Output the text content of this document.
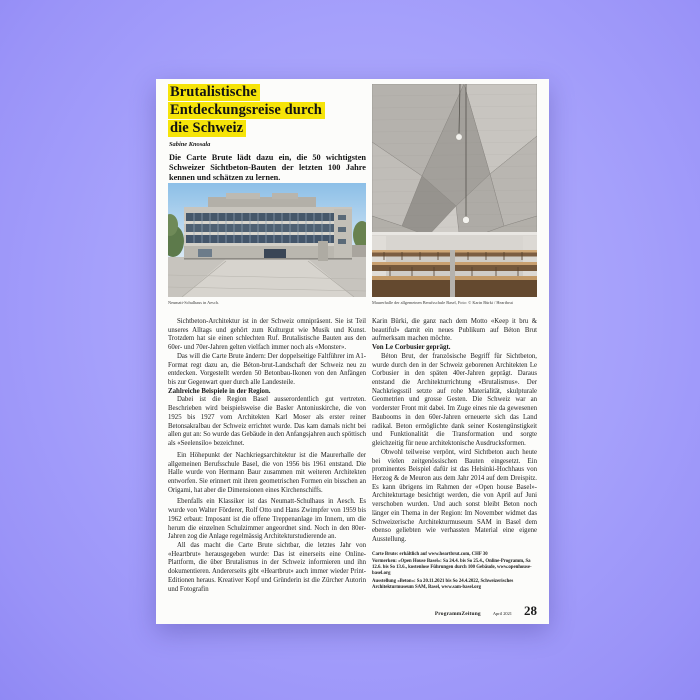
Brutalistische
Entdeckungsreise durch
die Schweiz
Sabine Knosala
Die Carte Brute lädt dazu ein, die 50 wichtigsten Schweizer Sichtbeton-Bauten der letzten 100 Jahre kennen und schätzen zu lernen.
Neumatt-Schulhaus in Aesch.	Maurerhalle der allgemeinen Berufsschule Basel, Foto: © Karin Bürki / Heartbrut

Sichtbeton-Architektur ist in der Schweiz omnipräsent. Sie ist Teil unseres Alltags und gehört zum Kulturgut wie Musik und Kunst. Trotzdem hat sie einen schlechten Ruf. Brutalistische Bauten aus den 60er- und 70er-Jahren gelten vielfach immer noch als «Monster».

Das will die Carte Brute ändern: Der doppelseitige Faltführer im A1-Format regt dazu an, die Béton-brut-Landschaft der Schweiz neu zu entdecken. Vorgestellt werden 50 Betonbau-Ikonen von den Anfängen bis zur Gegenwart quer durch alle Landesteile.

Zahlreiche Beispiele in der Region.

Dabei ist die Region Basel ausserordentlich gut vertreten. Beschrieben wird beispielsweise die Basler Antoniuskirche, die von 1925 bis 1927 vom Architekten Karl Moser als erster reiner Betonsakralbau der Schweiz errichtet wurde. Das kam damals nicht bei allen gut an: So wurde das Gebäude in den Anfangsjahren auch spöttisch als «Seelensilo» bezeichnet.

Ein Höhepunkt der Nachkriegsarchitektur ist die Maurerhalle der allgemeinen Berufsschule Basel, die von 1956 bis 1961 entstand. Die Halle wurde von Hermann Baur zusammen mit weiteren Architekten entworfen. Sie erinnert mit ihren geometrischen Formen ein bisschen an Origami, hat aber die Dimensionen eines Kirchenschiffs.

Ebenfalls ein Klassiker ist das Neumatt-Schulhaus in Aesch. Es wurde von Walter Förderer, Rolf Otto und Hans Zwimpfer von 1959 bis 1962 erbaut: Imposant ist die offene Treppenanlage im Innern, um die herum die einzelnen Schulzimmer angeordnet sind. Noch in den 80er-Jahren zog die Anlage regelmässig Architekturstudierende an.

All das macht die Carte Brute sichtbar, die letztes Jahr von «Heartbrut» herausgegeben wurde: Das ist einerseits eine Online-Plattform, die über Brutalismus in der Schweiz informieren und ihn dokumentieren. Andererseits gibt «Heartbrut» auch immer wieder Print-Editionen heraus. Kreativer Kopf und Gründerin ist die Zürcher Autorin und Fotografin

Karin Bürki, die ganz nach dem Motto «Keep it bru & beautiful» damit ein neues Publikum auf Béton Brut aufmerksam machen möchte.

Von Le Corbusier geprägt.

Béton Brut, der französische Begriff für Sichtbeton, wurde durch den in der Schweiz geborenen Architekten Le Corbusier in den späten 40er-Jahren geprägt. Daraus entstand die Architekturrichtung «Brutalismus». Der Nachkriegsstil setzte auf rohe Materialität, skulpturale Geometrien und grosse Gesten. Die Schweiz war an vorderster Front mit dabei. Im Zuge eines nie da gewesenen Baubooms in den 60er-Jahren erneuerte sich das Land radikal. Beton ermöglichte dank seiner Kostengünstigkeit und Funktionalität die Transformation und sorgte gleichzeitig für neue architektonische Ausdrucksformen.

Obwohl teilweise verpönt, wird Sichtbeton auch heute bei vielen zeitgenössischen Bauten eingesetzt. Ein prominentes Beispiel dafür ist das Helsinki-Hochhaus von Herzog & de Meuron aus dem Jahr 2014 auf dem Dreispitz. Es kann übrigens im Rahmen der «Open house Basel»-Architekturtage besichtigt werden, die von April auf Juni verschoben wurden. Und auch sonst bleibt Beton noch länger ein Thema in der Region: Im November widmet das Schweizerische Architekturmuseum SAM in Basel dem ebenso geliebten wie verhassten Material eine eigene Ausstellung.

Carte Brute: erhältlich auf www.heartbrut.com, CHF 30

Vormerken: «Open House Basel»: Sa 24.4. bis So 25.4., Online-Programm, Sa 12.6. bis So 13.6., kostenlose Führungen durch 100 Gebäude, www.openhouse-basel.org

Ausstellung «Beton»: Sa 20.11.2021 bis So 24.4.2022, Schweizerisches Architekturmuseum SAM, Basel, www.sam-basel.org

ProgrammZeitung	April 2021 28
